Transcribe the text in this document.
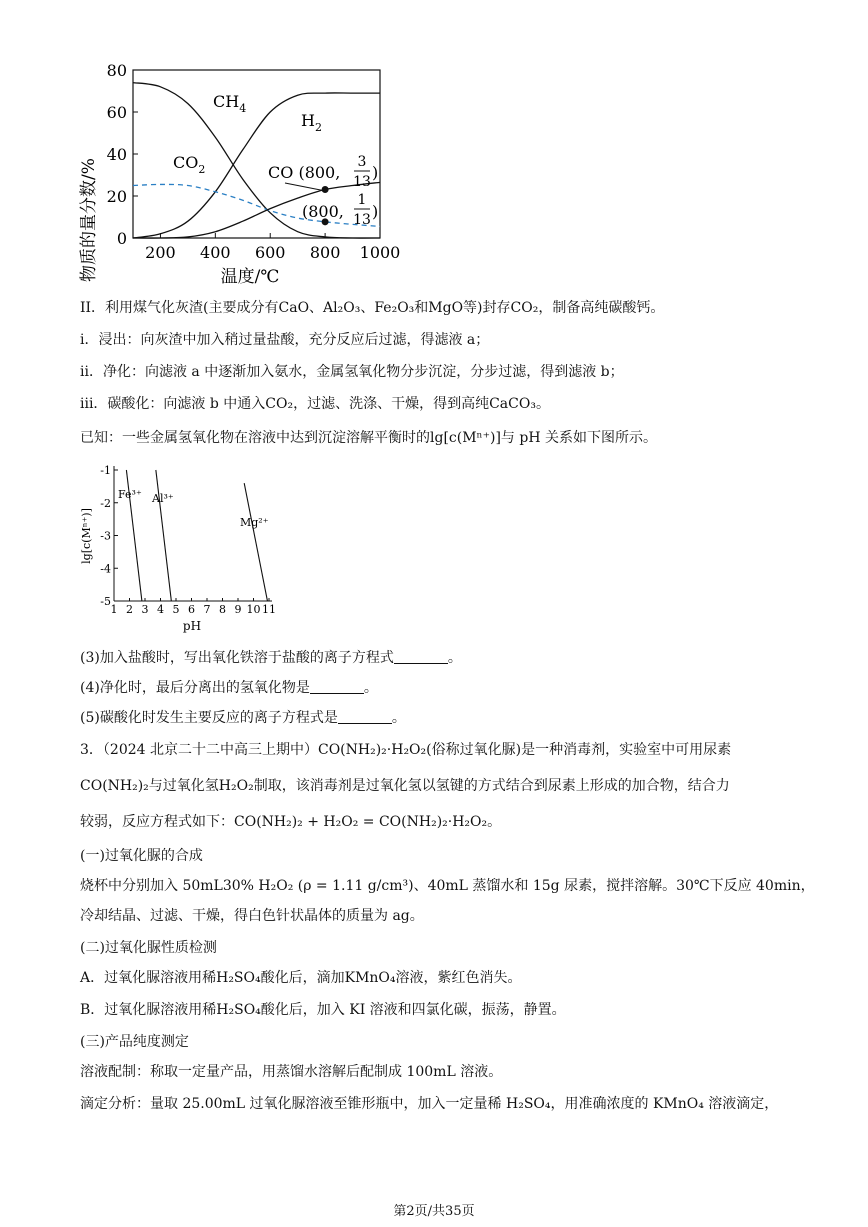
0
20
40
60
80
200 400 600 800 1000
物质的量分数/%	温度/℃
$CH_4$
$H_2$
$CO_2$	CO (800,
3
13 )
(800,
1
13 )
II．利用煤气化灰渣(主要成分有CaO、Al₂O₃、Fe₂O₃和MgO等)封存CO₂，制备高纯碳酸钙。
i．浸出：向灰渣中加入稍过量盐酸，充分反应后过滤，得滤液 a；
ii．净化：向滤液 a 中逐渐加入氨水，金属氢氧化物分步沉淀，分步过滤，得到滤液 b；
iii．碳酸化：向滤液 b 中通入CO₂，过滤、洗涤、干燥，得到高纯CaCO₃。
已知：一些金属氢氧化物在溶液中达到沉淀溶解平衡时的lg[c(Mⁿ⁺)]与 pH 关系如下图所示。
-1
-2
-3
-4
-5
1 2 3 4 5 6 7 8 9 10 11
lg[c(Mⁿ⁺)]
pH
Fe³⁺ Al³⁺
Mg²⁺
(3)加入盐酸时，写出氧化铁溶于盐酸的离子方程式	。
(4)净化时，最后分离出的氢氧化物是	。
(5)碳酸化时发生主要反应的离子方程式是	。
3．（2024 北京二十二中高三上期中）CO(NH₂)₂·H₂O₂(俗称过氧化脲)是一种消毒剂，实验室中可用尿素
CO(NH₂)₂与过氧化氢H₂O₂制取，该消毒剂是过氧化氢以氢键的方式结合到尿素上形成的加合物，结合力
较弱，反应方程式如下：CO(NH₂)₂ + H₂O₂ = CO(NH₂)₂·H₂O₂。
(一)过氧化脲的合成
烧杯中分别加入 50mL30% H₂O₂ (ρ = 1.11 g/cm³)、40mL 蒸馏水和 15g 尿素，搅拌溶解。30℃下反应 40min，
冷却结晶、过滤、干燥，得白色针状晶体的质量为 ag。
(二)过氧化脲性质检测
A．过氧化脲溶液用稀H₂SO₄酸化后，滴加KMnO₄溶液，紫红色消失。
B．过氧化脲溶液用稀H₂SO₄酸化后，加入 KI 溶液和四氯化碳，振荡，静置。
(三)产品纯度测定
溶液配制：称取一定量产品，用蒸馏水溶解后配制成 100mL 溶液。
滴定分析：量取 25.00mL 过氧化脲溶液至锥形瓶中，加入一定量稀 H₂SO₄，用准确浓度的 KMnO₄ 溶液滴定，
第2页/共35页
